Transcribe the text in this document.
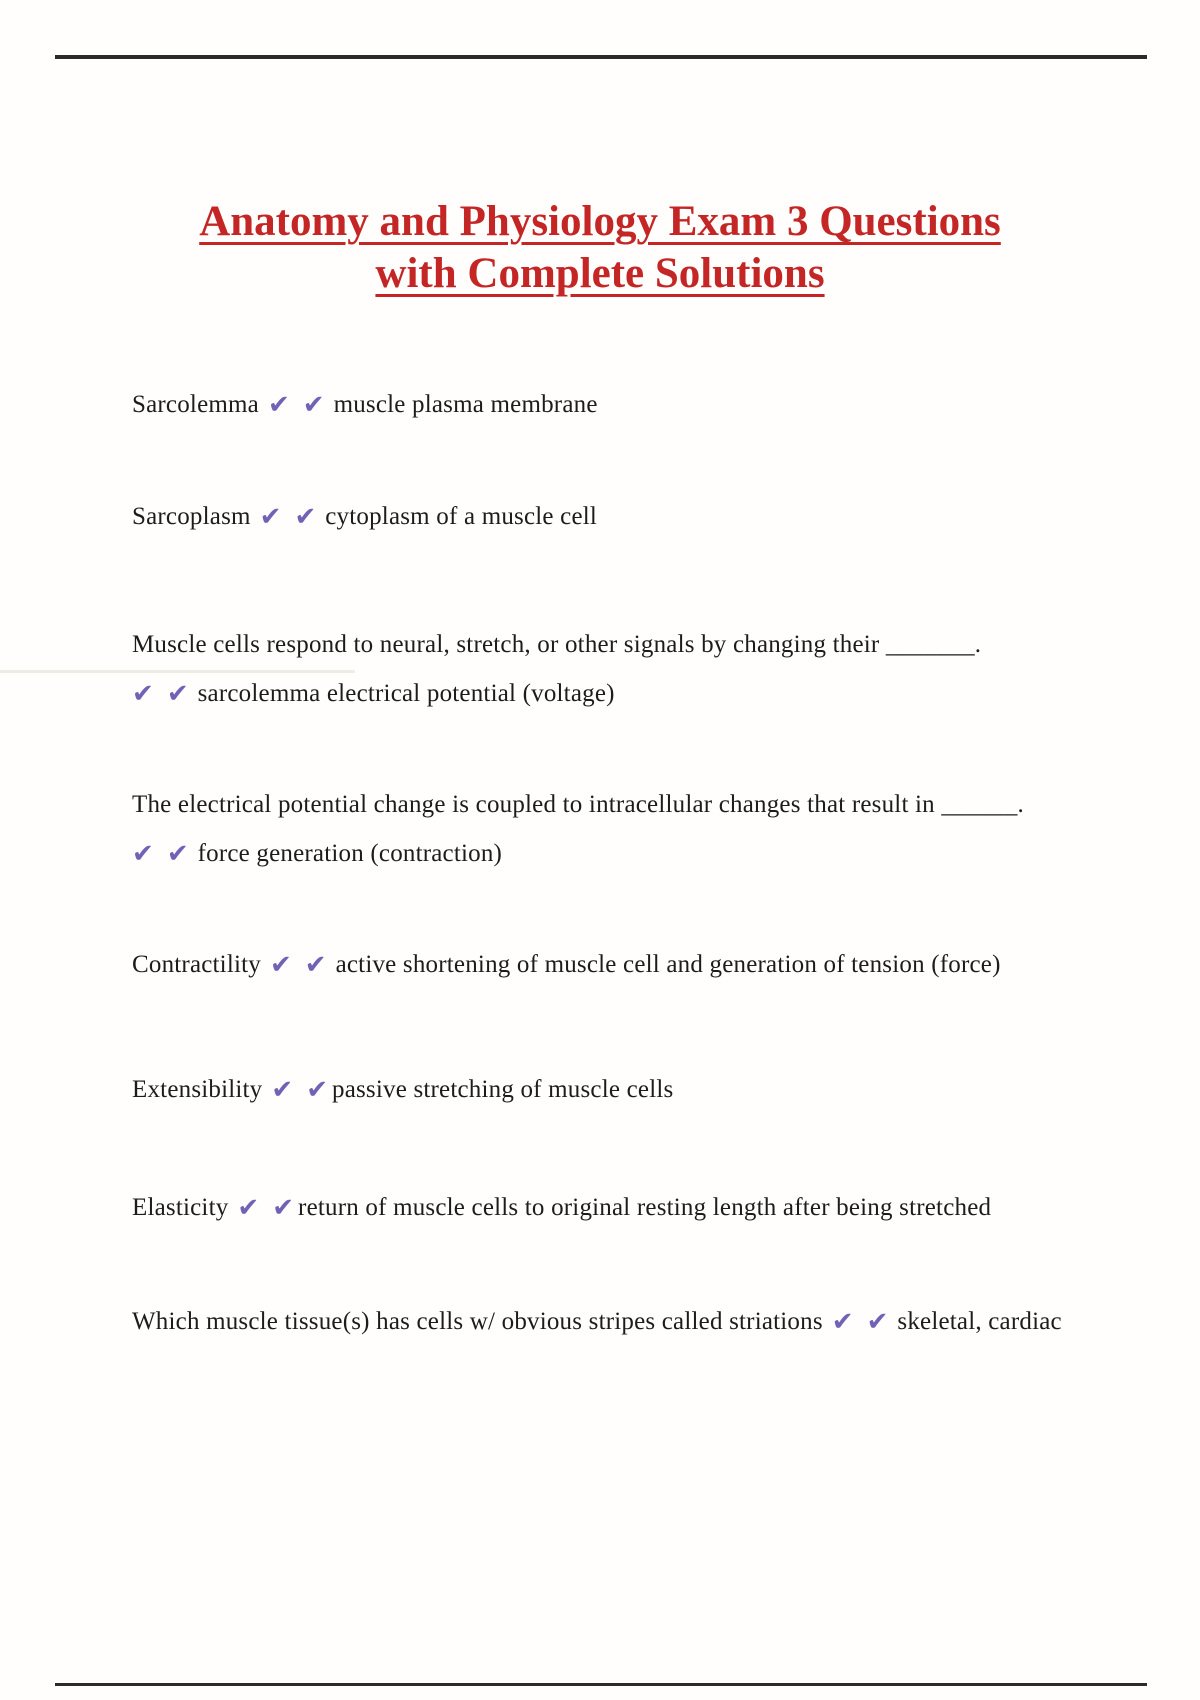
Anatomy and Physiology Exam 3 Questions
with Complete Solutions
Sarcolemma ✔ ✔ muscle plasma membrane
Sarcoplasm ✔ ✔ cytoplasm of a muscle cell
Muscle cells respond to neural, stretch, or other signals by changing their _______.
✔ ✔ sarcolemma electrical potential (voltage)
The electrical potential change is coupled to intracellular changes that result in ______.
✔ ✔ force generation (contraction)
Contractility ✔ ✔ active shortening of muscle cell and generation of tension (force)
Extensibility ✔ ✔passive stretching of muscle cells
Elasticity ✔ ✔return of muscle cells to original resting length after being stretched
Which muscle tissue(s) has cells w/ obvious stripes called striations ✔ ✔ skeletal, cardiac
